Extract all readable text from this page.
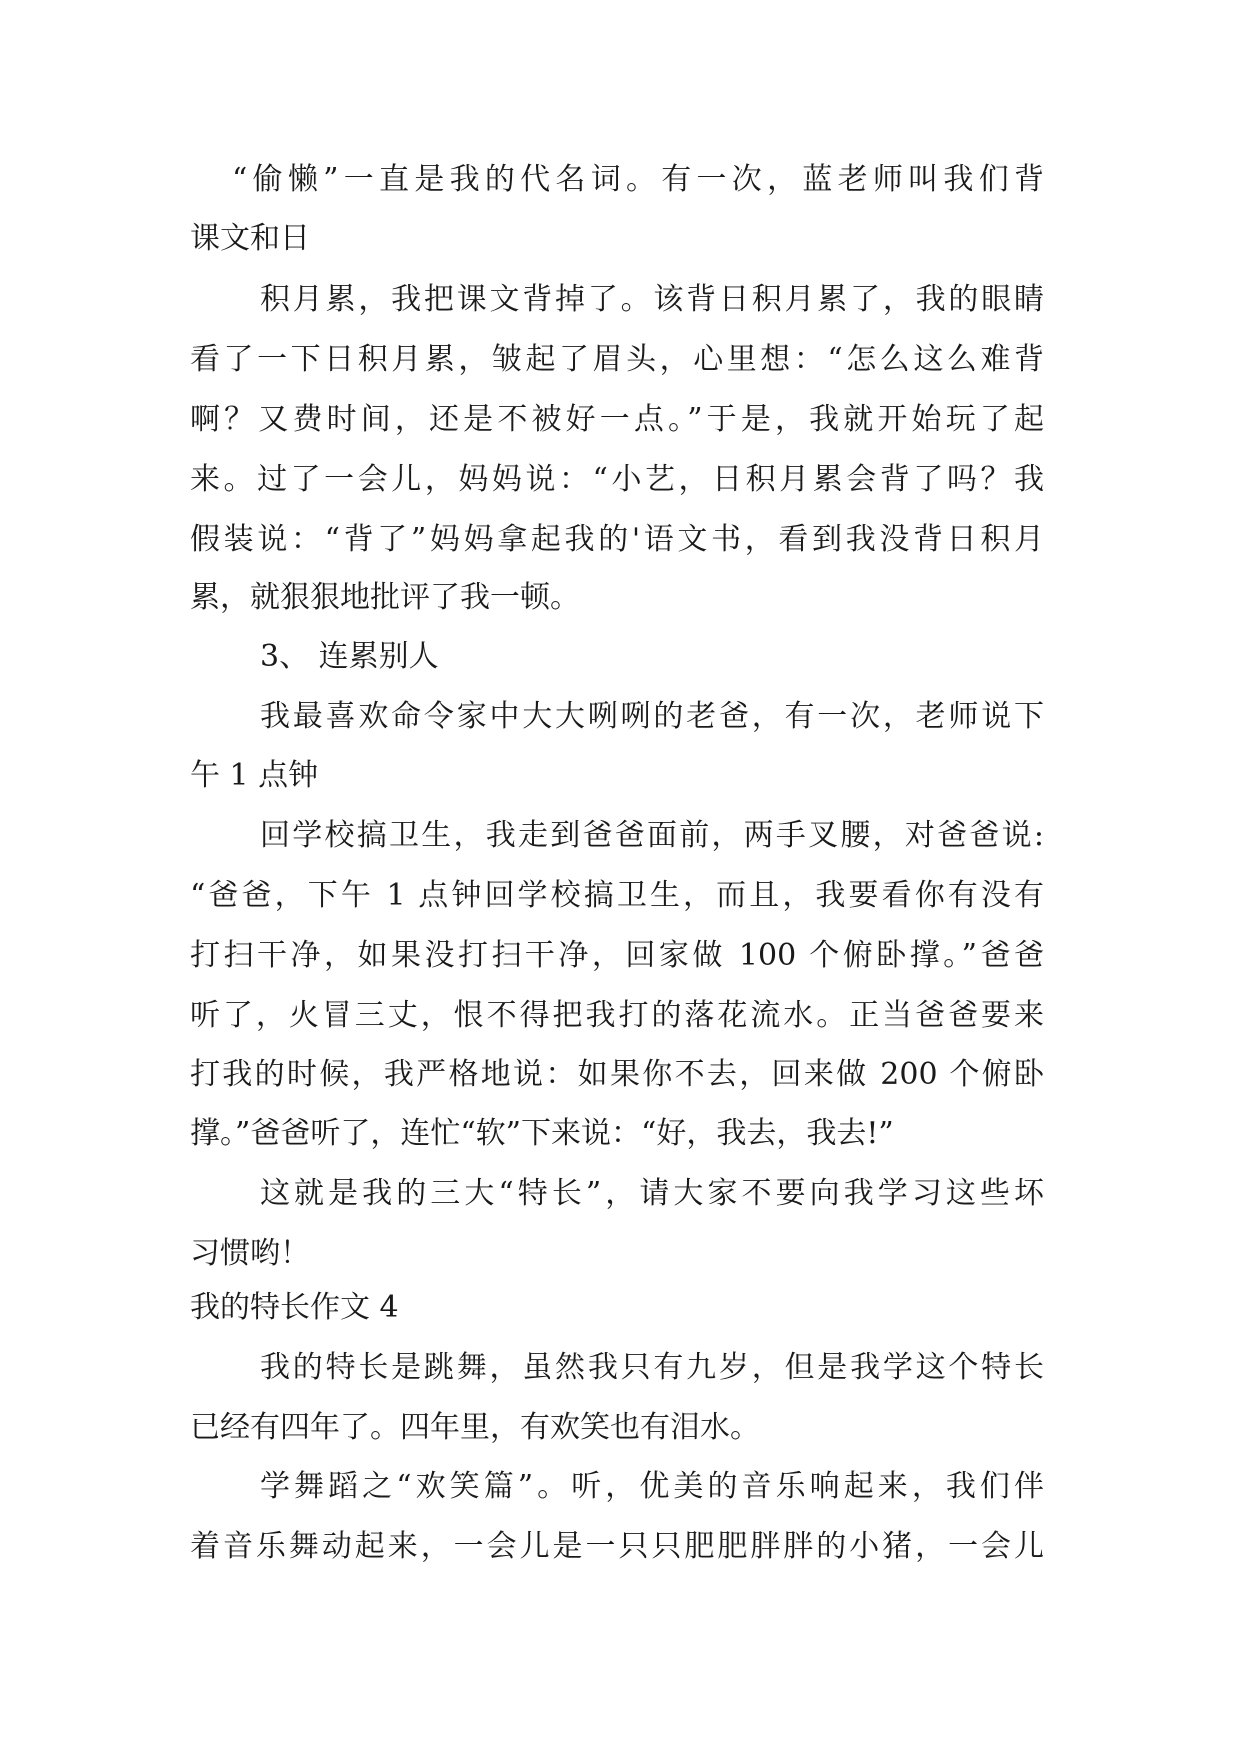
“偷懒”一直是我的代名词。有一次，蓝老师叫我们背
课文和日
积月累，我把课文背掉了。该背日积月累了，我的眼睛
看了一下日积月累，皱起了眉头，心里想：“怎么这么难背
啊？又费时间，还是不被好一点。”于是，我就开始玩了起
来。过了一会儿，妈妈说：“小艺，日积月累会背了吗？我
假装说：“背了”妈妈拿起我的'语文书，看到我没背日积月
累，就狠狠地批评了我一顿。
3、 连累别人
我最喜欢命令家中大大咧咧的老爸，有一次，老师说下
午 1 点钟
回学校搞卫生，我走到爸爸面前，两手叉腰，对爸爸说:
“爸爸，下午 1 点钟回学校搞卫生，而且，我要看你有没有
打扫干净，如果没打扫干净，回家做 100 个俯卧撑。”爸爸
听了，火冒三丈，恨不得把我打的落花流水。正当爸爸要来
打我的时候，我严格地说：如果你不去，回来做 200 个俯卧
撑。”爸爸听了，连忙“软”下来说：“好，我去，我去!”
这就是我的三大“特长”，请大家不要向我学习这些坏
习惯哟！
我的特长作文 4
我的特长是跳舞，虽然我只有九岁，但是我学这个特长
已经有四年了。四年里，有欢笑也有泪水。
学舞蹈之“欢笑篇”。听，优美的音乐响起来，我们伴
着音乐舞动起来，一会儿是一只只肥肥胖胖的小猪，一会儿
